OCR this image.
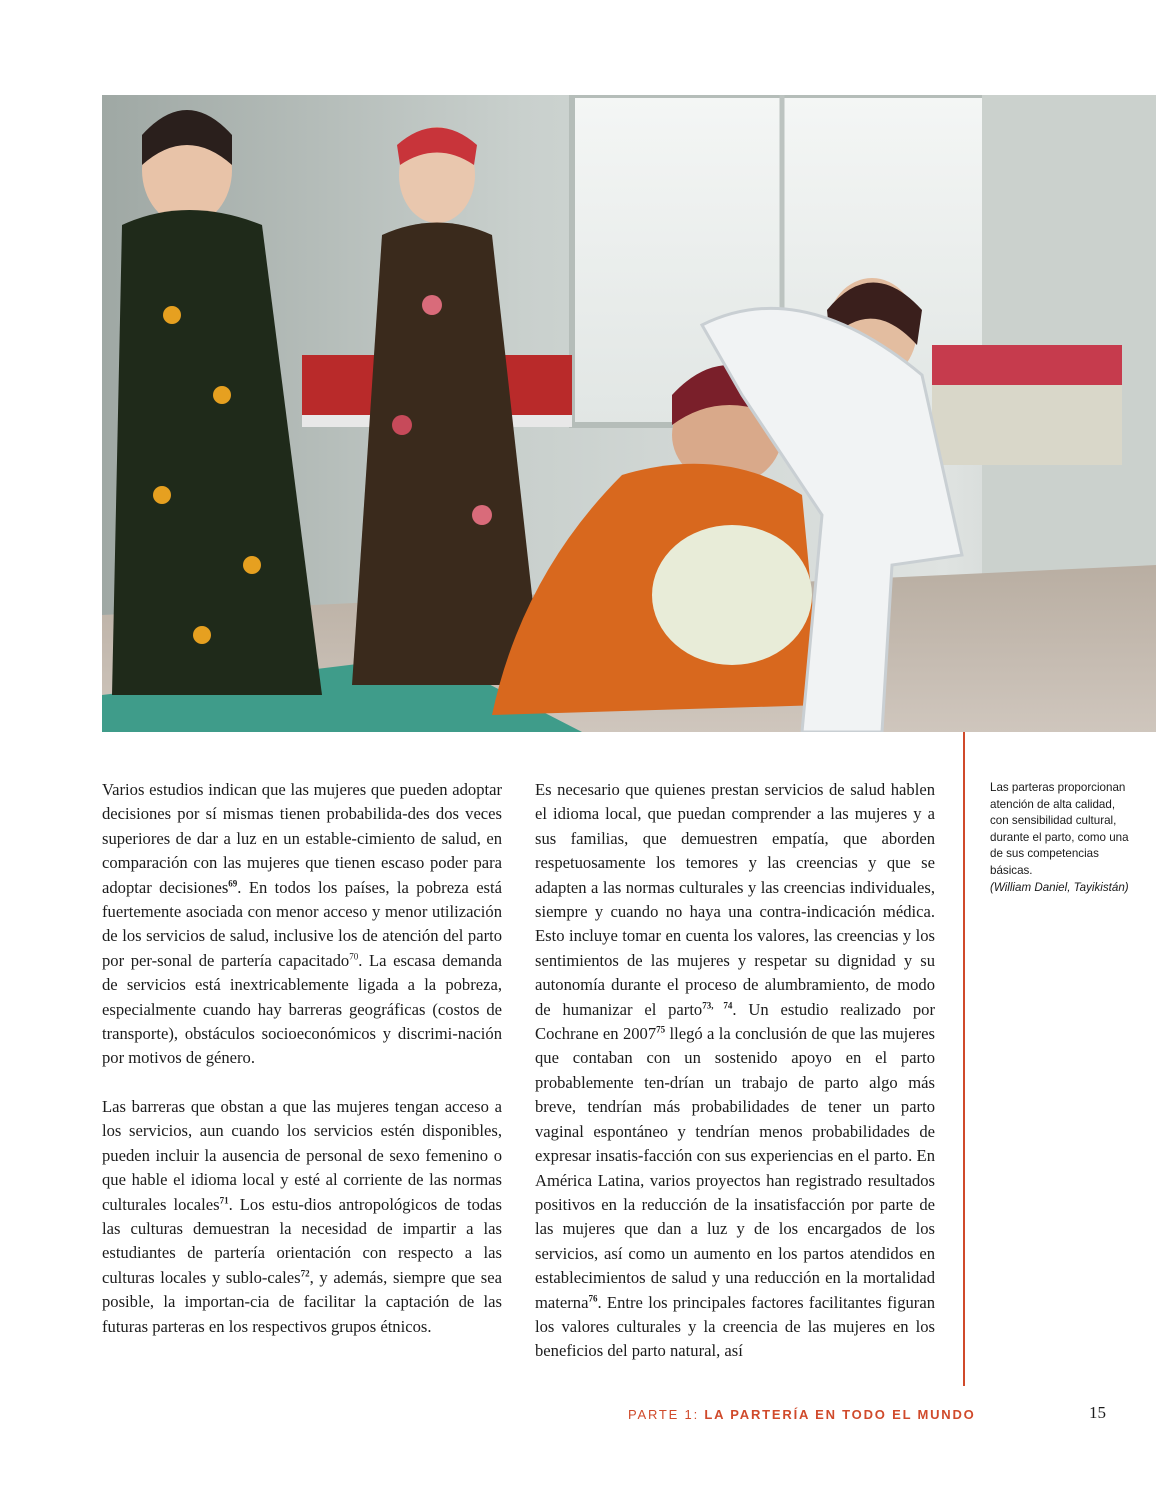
Varios estudios indican que las mujeres que pueden adoptar decisiones por sí mismas tienen probabilida-des dos veces superiores de dar a luz en un estable-cimiento de salud, en comparación con las mujeres que tienen escaso poder para adoptar decisiones$^{69}$. En todos los países, la pobreza está fuertemente asociada con menor acceso y menor utilización de los servicios de salud, inclusive los de atención del parto por per-sonal de partería capacitado$^{70}$. La escasa demanda de servicios está inextricablemente ligada a la pobreza, especialmente cuando hay barreras geográficas (costos de transporte), obstáculos socioeconómicos y discrimi-nación por motivos de género.

Las barreras que obstan a que las mujeres tengan acceso a los servicios, aun cuando los servicios estén disponibles, pueden incluir la ausencia de personal de sexo femenino o que hable el idioma local y esté al corriente de las normas culturales locales$^{71}$. Los estu-dios antropológicos de todas las culturas demuestran la necesidad de impartir a las estudiantes de partería orientación con respecto a las culturas locales y sublo-cales$^{72}$, y además, siempre que sea posible, la importan-cia de facilitar la captación de las futuras parteras en los respectivos grupos étnicos.

Es necesario que quienes prestan servicios de salud hablen el idioma local, que puedan comprender a las mujeres y a sus familias, que demuestren empatía, que aborden respetuosamente los temores y las creencias y que se adapten a las normas culturales y las creencias individuales, siempre y cuando no haya una contra-indicación médica. Esto incluye tomar en cuenta los valores, las creencias y los sentimientos de las mujeres y respetar su dignidad y su autonomía durante el proceso de alumbramiento, de modo de humanizar el parto$^{73, 74}$. Un estudio realizado por Cochrane en 2007$^{75}$ llegó a la conclusión de que las mujeres que contaban con un sostenido apoyo en el parto probablemente ten-drían un trabajo de parto algo más breve, tendrían más probabilidades de tener un parto vaginal espontáneo y tendrían menos probabilidades de expresar insatis-facción con sus experiencias en el parto. En América Latina, varios proyectos han registrado resultados positivos en la reducción de la insatisfacción por parte de las mujeres que dan a luz y de los encargados de los servicios, así como un aumento en los partos atendidos en establecimientos de salud y una reducción en la mortalidad materna$^{76}$. Entre los principales factores facilitantes figuran los valores culturales y la creencia de las mujeres en los beneficios del parto natural, así

Las parteras proporcionan atención de alta calidad, con sensibilidad cultural, durante el parto, como una de sus competencias básicas.
(William Daniel, Tayikistán)
PARTE 1: LA PARTERÍA EN TODO EL MUNDO	15
